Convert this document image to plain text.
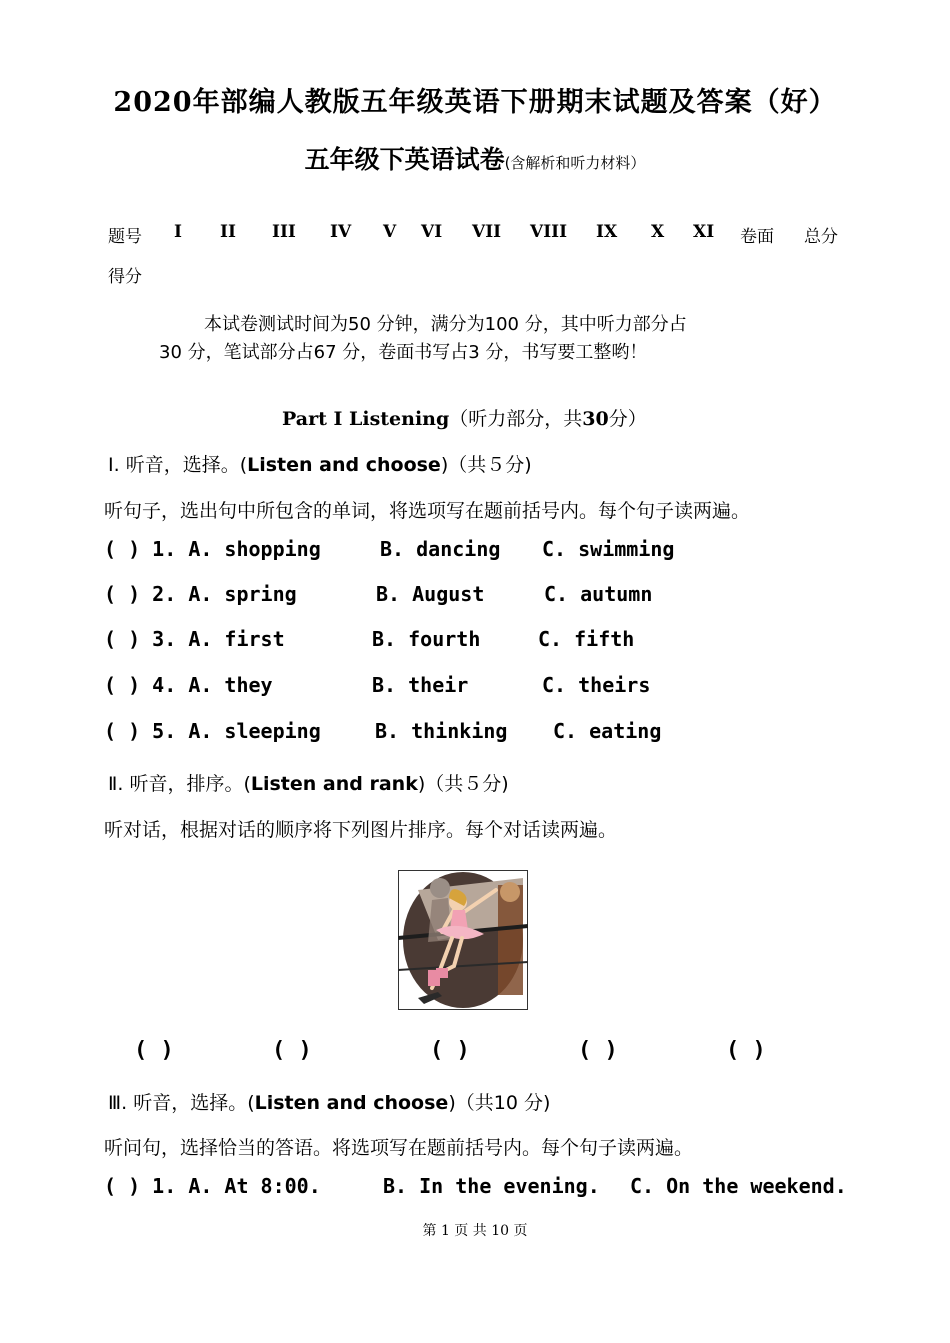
2020年部编人教版五年级英语下册期末试题及答案（好）
五年级下英语试卷(含解析和听力材料）
题号 I II III IV V VI VII VIII IX X XI 卷面 总分
得分
本试卷测试时间为50 分钟，满分为100 分，其中听力部分占
30 分，笔试部分占67 分，卷面书写占3 分，书写要工整哟！
Part Ⅰ Listening（听力部分，共30分）
Ⅰ. 听音，选择。(Listen and choose)（共５分)
听句子，选出句中所包含的单词，将选项写在题前括号内。每个句子读两遍。
( ) 1. A. shopping	B. dancing C. swimming
( ) 2. A. spring	B. August	C. autumn
( ) 3. A. first	B. fourth	C. fifth
( ) 4. A. they	B. their	C. theirs
( ) 5. A. sleeping	B. thinking C. eating
Ⅱ. 听音，排序。(Listen and rank)（共５分)
听对话，根据对话的顺序将下列图片排序。每个对话读两遍。
( )	( )	( )	( )	( )
Ⅲ. 听音，选择。(Listen and choose)（共10 分)
听问句，选择恰当的答语。将选项写在题前括号内。每个句子读两遍。
( ) 1. A. At 8:00.	B. In the evening. C. On the weekend.
第 1 页 共 10 页
